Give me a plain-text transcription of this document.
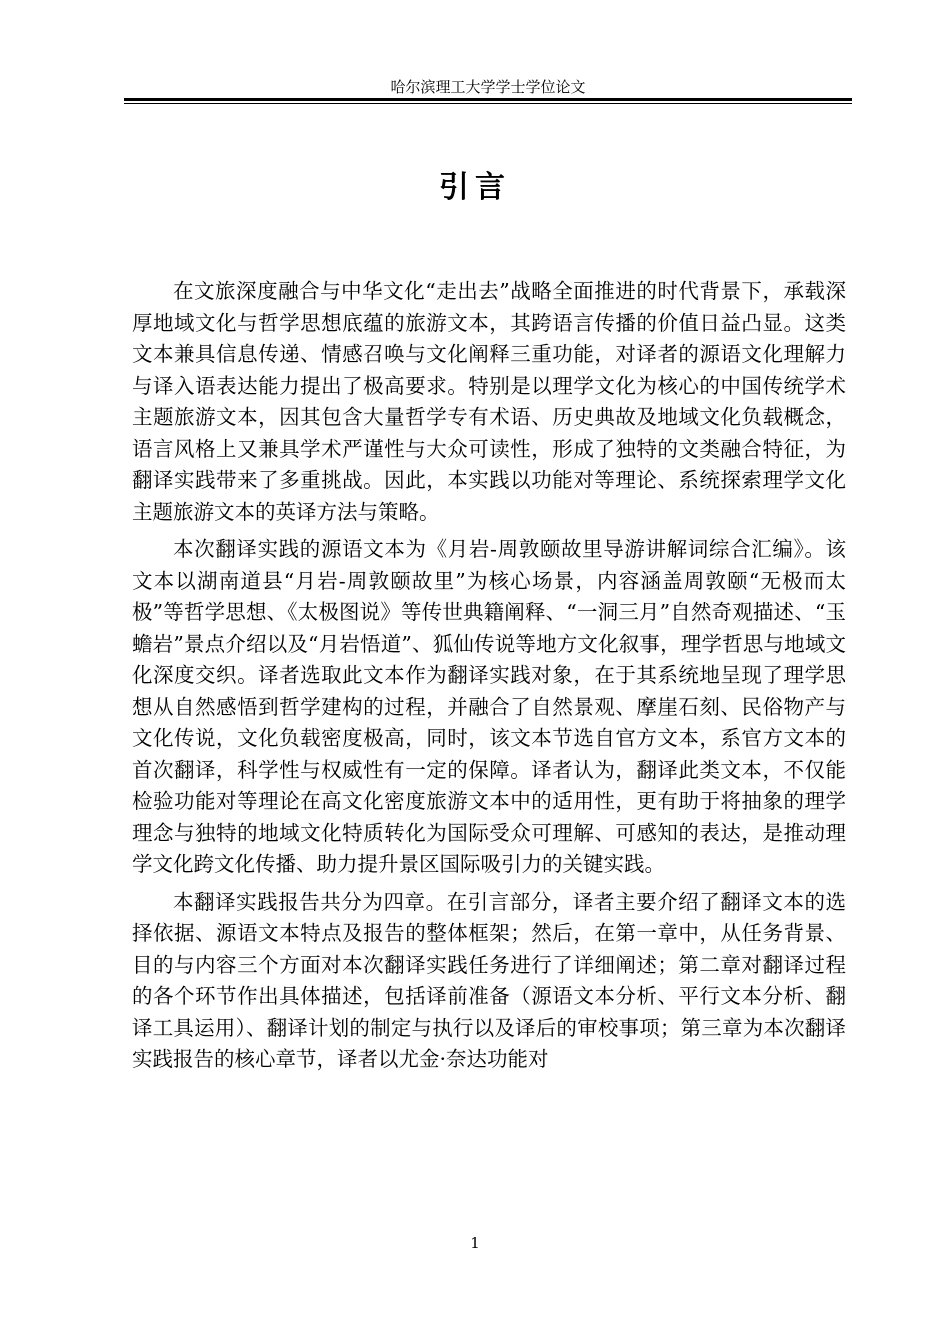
哈尔滨理工大学学士学位论文
引言

在文旅深度融合与中华文化“走出去”战略全面推进的时代背景下，承载深厚地域文化与哲学思想底蕴的旅游文本，其跨语言传播的价值日益凸显。这类文本兼具信息传递、情感召唤与文化阐释三重功能，对译者的源语文化理解力与译入语表达能力提出了极高要求。特别是以理学文化为核心的中国传统学术主题旅游文本，因其包含大量哲学专有术语、历史典故及地域文化负载概念，语言风格上又兼具学术严谨性与大众可读性，形成了独特的文类融合特征，为翻译实践带来了多重挑战。因此，本实践以功能对等理论、系统探索理学文化主题旅游文本的英译方法与策略。

本次翻译实践的源语文本为《月岩-周敦颐故里导游讲解词综合汇编》。该文本以湖南道县“月岩-周敦颐故里”为核心场景，内容涵盖周敦颐“无极而太极”等哲学思想、《太极图说》等传世典籍阐释、“一洞三月”自然奇观描述、“玉蟾岩”景点介绍以及“月岩悟道”、狐仙传说等地方文化叙事，理学哲思与地域文化深度交织。译者选取此文本作为翻译实践对象，在于其系统地呈现了理学思想从自然感悟到哲学建构的过程，并融合了自然景观、摩崖石刻、民俗物产与文化传说，文化负载密度极高，同时，该文本节选自官方文本，系官方文本的首次翻译，科学性与权威性有一定的保障。译者认为，翻译此类文本，不仅能检验功能对等理论在高文化密度旅游文本中的适用性，更有助于将抽象的理学理念与独特的地域文化特质转化为国际受众可理解、可感知的表达，是推动理学文化跨文化传播、助力提升景区国际吸引力的关键实践。

本翻译实践报告共分为四章。在引言部分，译者主要介绍了翻译文本的选择依据、源语文本特点及报告的整体框架；然后，在第一章中，从任务背景、目的与内容三个方面对本次翻译实践任务进行了详细阐述；第二章对翻译过程的各个环节作出具体描述，包括译前准备（源语文本分析、平行文本分析、翻译工具运用）、翻译计划的制定与执行以及译后的审校事项；第三章为本次翻译实践报告的核心章节，译者以尤金·奈达功能对

1
